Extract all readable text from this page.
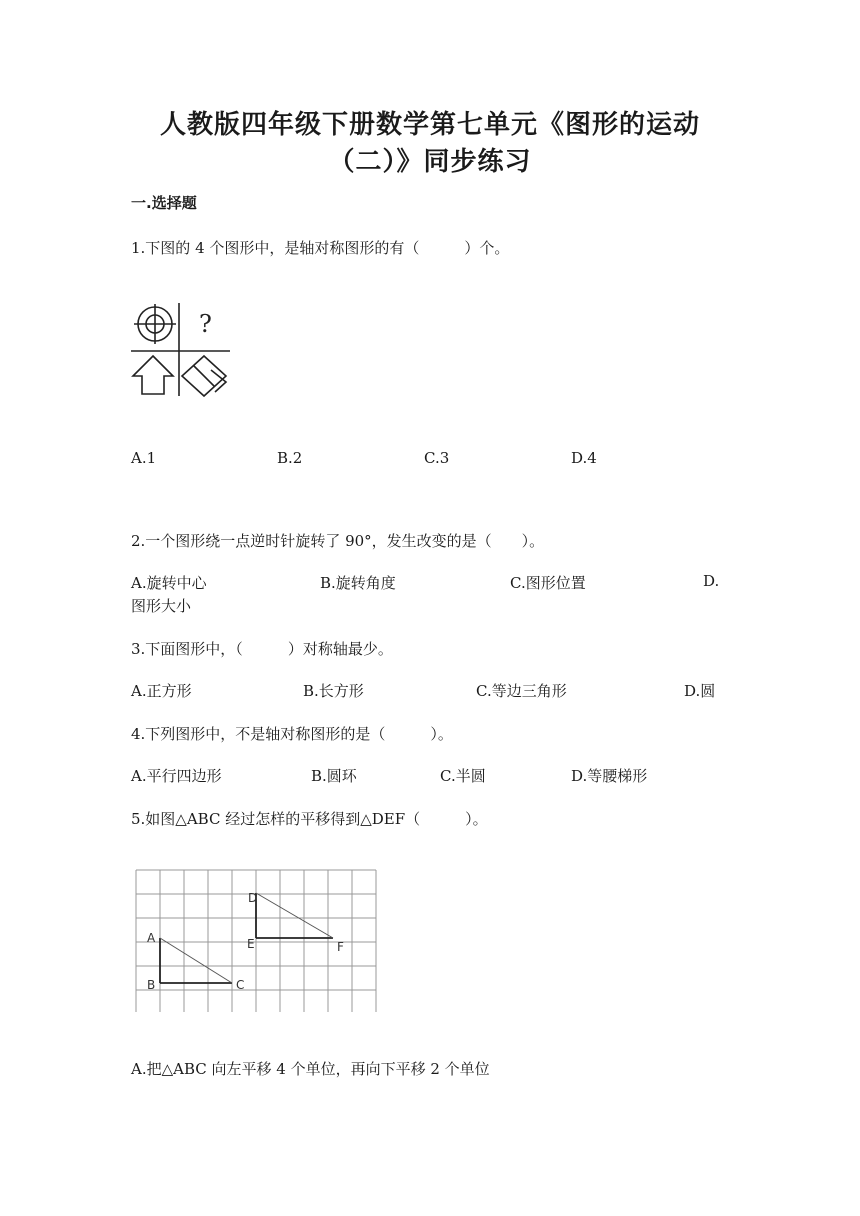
人教版四年级下册数学第七单元《图形的运动
（二）》同步练习
一.选择题
1.下图的 4 个图形中，是轴对称图形的有（　　　）个。
?
A.1	B.2	C.3	D.4
2.一个图形绕一点逆时针旋转了 90°，发生改变的是（　　）。
A.旋转中心	B.旋转角度	C.图形位置	D.
图形大小
3.下面图形中，（　　　）对称轴最少。
A.正方形	B.长方形	C.等边三角形	D.圆
4.下列图形中，不是轴对称图形的是（　　　）。
A.平行四边形	B.圆环	C.半圆	D.等腰梯形
5.如图△ABC 经过怎样的平移得到△DEF（　　　）。
A
B	C
D
E	F
A.把△ABC 向左平移 4 个单位，再向下平移 2 个单位
